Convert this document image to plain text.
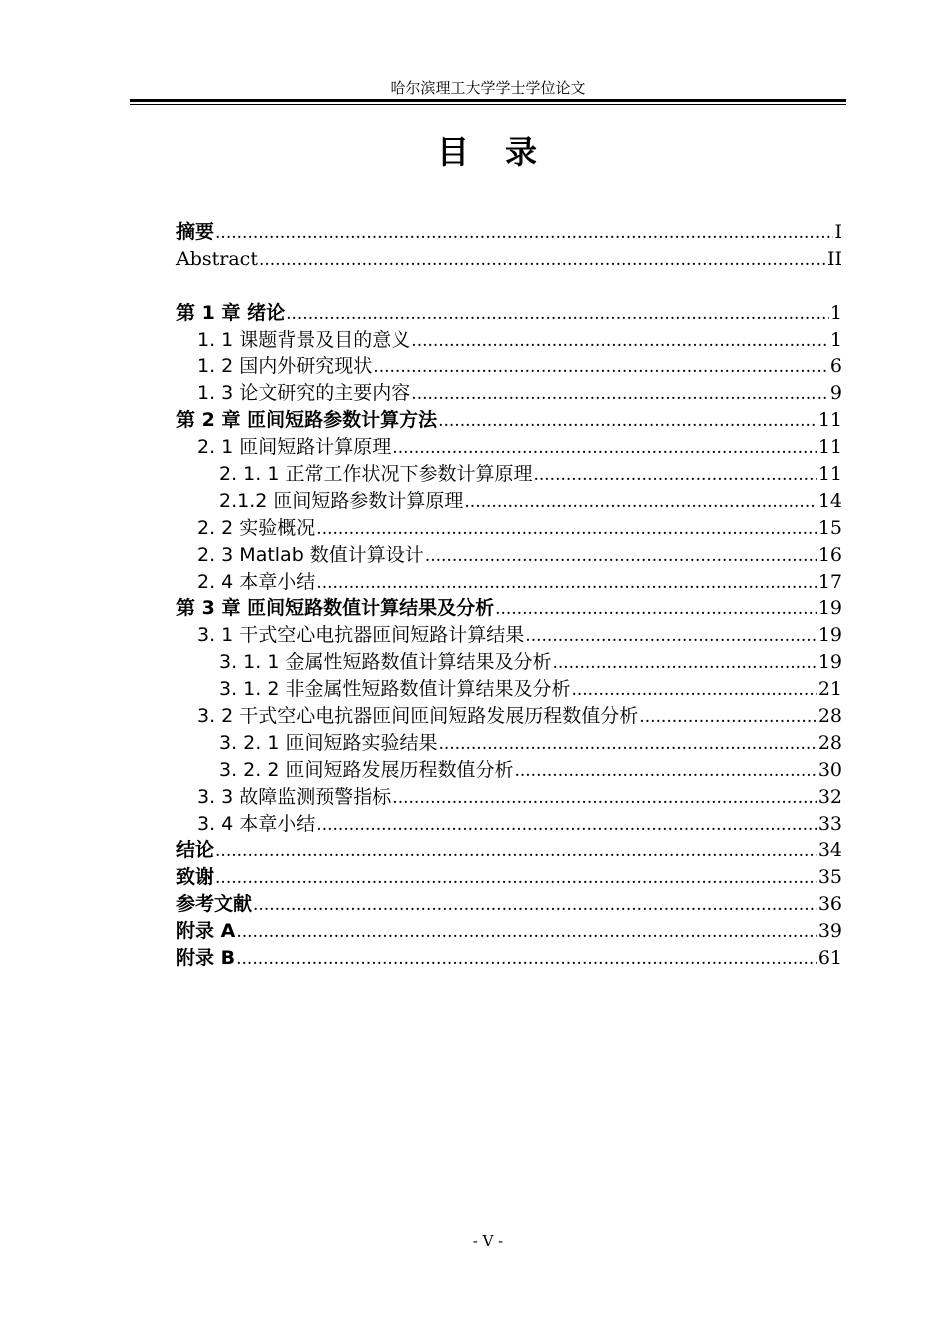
哈尔滨理工大学学士学位论文
目　录
摘要 .....	I
Abstract .....	II
第 1 章 绪论 .....	1
1. 1 课题背景及目的意义 .....	1
1. 2 国内外研究现状 .....	6
1. 3 论文研究的主要内容 .....	9
第 2 章 匝间短路参数计算方法 .....	11
2. 1 匝间短路计算原理 .....	11
2. 1. 1 正常工作状况下参数计算原理 .....	11
2.1.2 匝间短路参数计算原理 .....	14
2. 2 实验概况 .....	15
2. 3 Matlab 数值计算设计 .....	16
2. 4 本章小结 .....	17
第 3 章 匝间短路数值计算结果及分析 .....	19
3. 1 干式空心电抗器匝间短路计算结果 .....	19
3. 1. 1 金属性短路数值计算结果及分析 .....	19
3. 1. 2 非金属性短路数值计算结果及分析 .....	21
3. 2 干式空心电抗器匝间匝间短路发展历程数值分析 .....	28
3. 2. 1 匝间短路实验结果 .....	28
3. 2. 2 匝间短路发展历程数值分析 .....	30
3. 3 故障监测预警指标 .....	32
3. 4 本章小结 .....	33
结论 .....	34
致谢 .....	35
参考文献 .....	36
附录 A .....	39
附录 B .....	61
- V -
